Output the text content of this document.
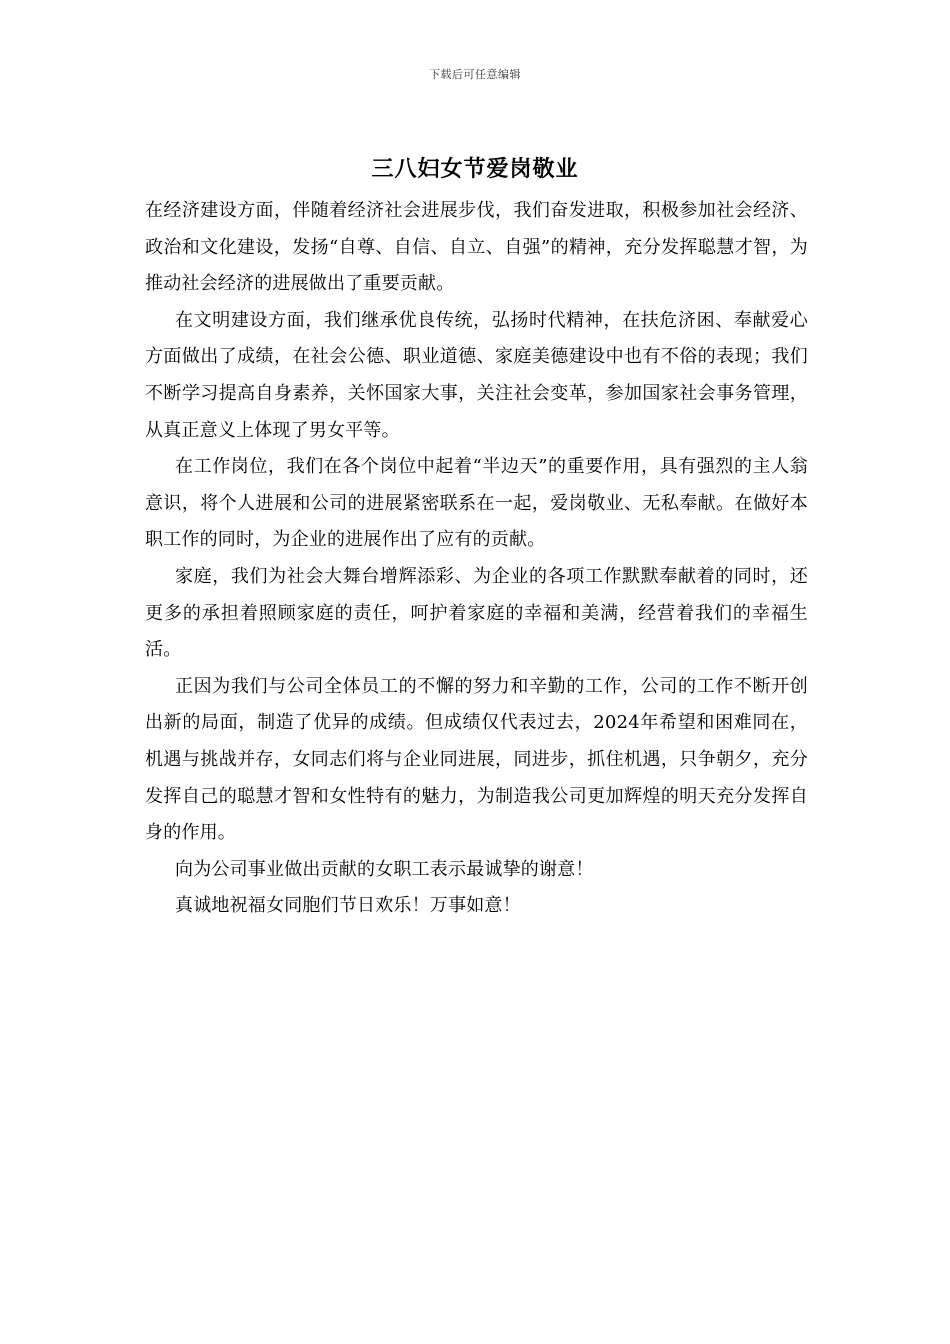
下载后可任意编辑
三八妇女节爱岗敬业

在经济建设方面，伴随着经济社会进展步伐，我们奋发进取，积极参加社会经济、政治和文化建设，发扬“自尊、自信、自立、自强”的精神，充分发挥聪慧才智，为推动社会经济的进展做出了重要贡献。

在文明建设方面，我们继承优良传统，弘扬时代精神，在扶危济困、奉献爱心方面做出了成绩，在社会公德、职业道德、家庭美德建设中也有不俗的表现；我们不断学习提高自身素养，关怀国家大事，关注社会变革，参加国家社会事务管理，从真正意义上体现了男女平等。

在工作岗位，我们在各个岗位中起着“半边天”的重要作用，具有强烈的主人翁意识，将个人进展和公司的进展紧密联系在一起，爱岗敬业、无私奉献。在做好本职工作的同时，为企业的进展作出了应有的贡献。

家庭，我们为社会大舞台增辉添彩、为企业的各项工作默默奉献着的同时，还更多的承担着照顾家庭的责任，呵护着家庭的幸福和美满，经营着我们的幸福生活。

正因为我们与公司全体员工的不懈的努力和辛勤的工作，公司的工作不断开创出新的局面，制造了优异的成绩。但成绩仅代表过去，2024年希望和困难同在，机遇与挑战并存，女同志们将与企业同进展，同进步，抓住机遇，只争朝夕，充分发挥自己的聪慧才智和女性特有的魅力，为制造我公司更加辉煌的明天充分发挥自身的作用。

向为公司事业做出贡献的女职工表示最诚挚的谢意！

真诚地祝福女同胞们节日欢乐！万事如意！
